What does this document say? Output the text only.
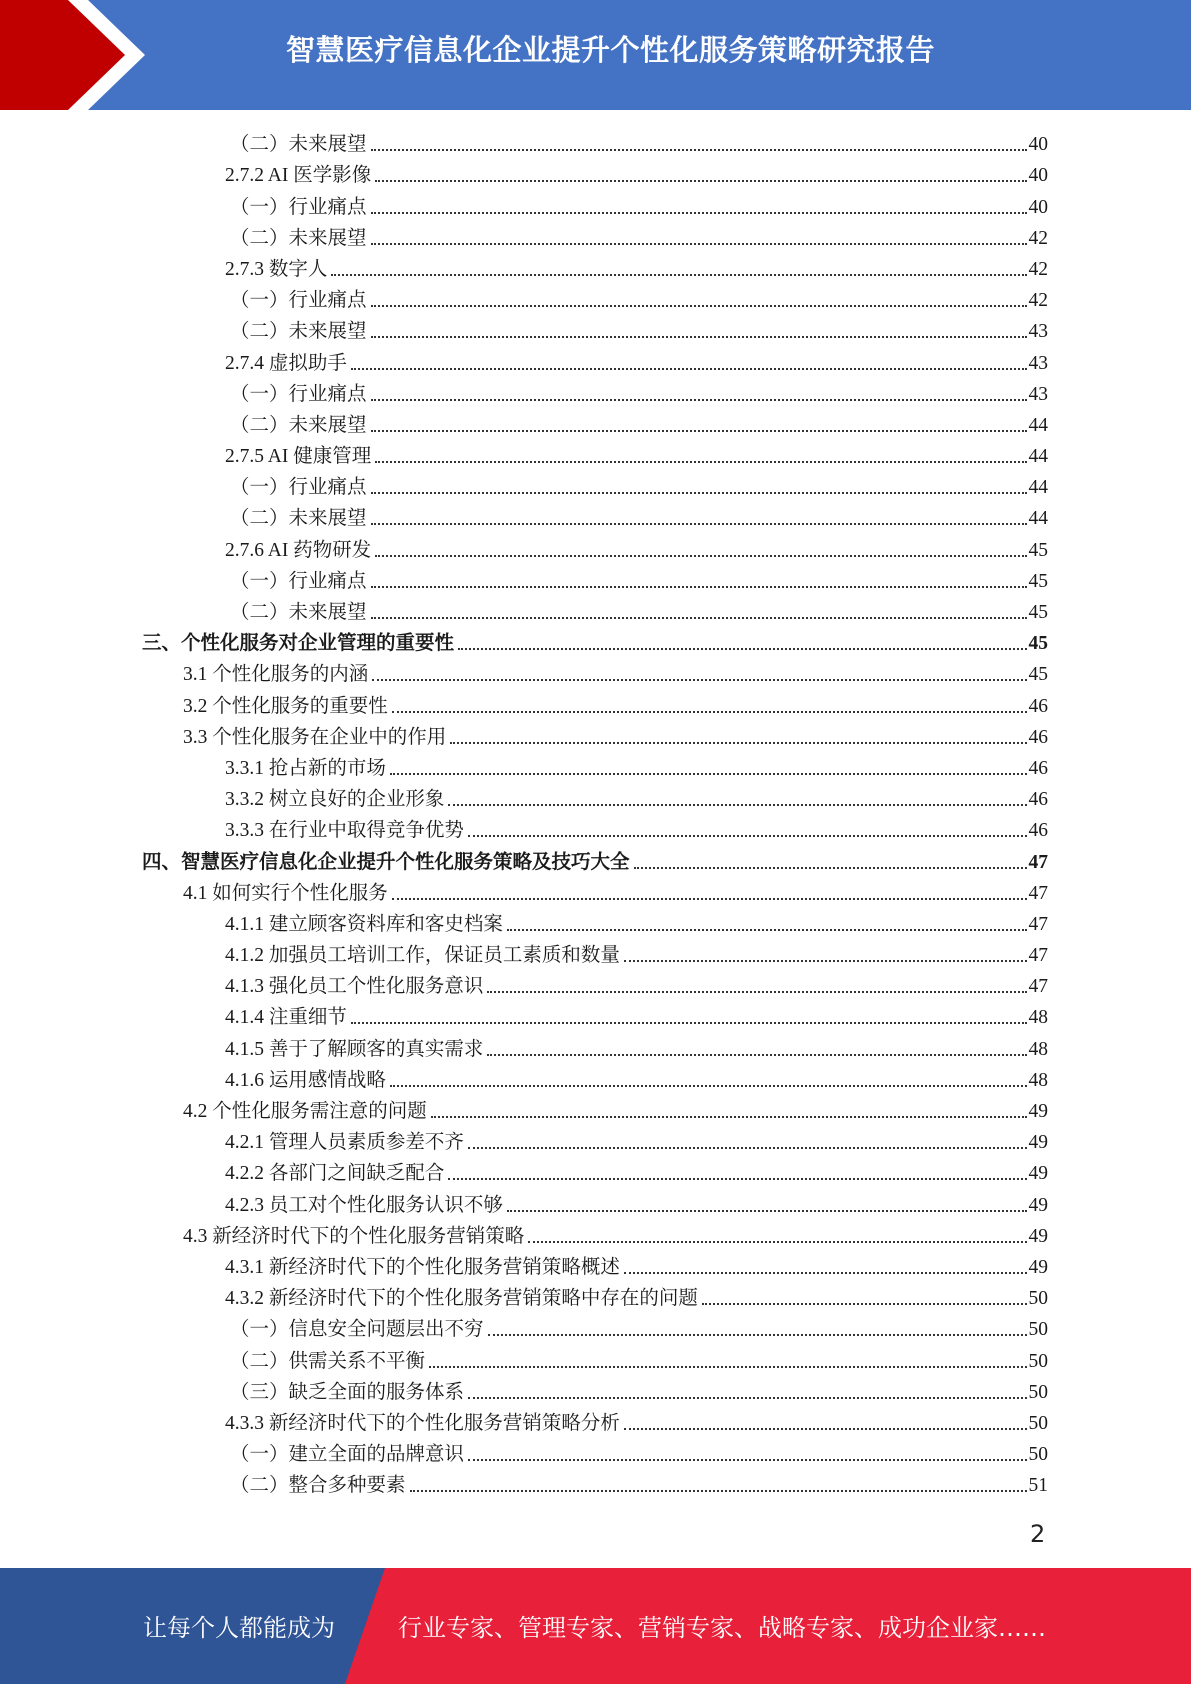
智慧医疗信息化企业提升个性化服务策略研究报告
（二）未来展望	40
2.7.2 AI 医学影像	40
（一）行业痛点	40
（二）未来展望	42
2.7.3 数字人	42
（一）行业痛点	42
（二）未来展望	43
2.7.4 虚拟助手	43
（一）行业痛点	43
（二）未来展望	44
2.7.5 AI 健康管理	44
（一）行业痛点	44
（二）未来展望	44
2.7.6 AI 药物研发	45
（一）行业痛点	45
（二）未来展望	45
三、个性化服务对企业管理的重要性	45
3.1 个性化服务的内涵	45
3.2 个性化服务的重要性	46
3.3 个性化服务在企业中的作用	46
3.3.1 抢占新的市场	46
3.3.2 树立良好的企业形象	46
3.3.3 在行业中取得竞争优势	46
四、智慧医疗信息化企业提升个性化服务策略及技巧大全	47
4.1 如何实行个性化服务	47
4.1.1 建立顾客资料库和客史档案	47
4.1.2 加强员工培训工作，保证员工素质和数量	47
4.1.3 强化员工个性化服务意识	47
4.1.4 注重细节	48
4.1.5 善于了解顾客的真实需求	48
4.1.6 运用感情战略	48
4.2 个性化服务需注意的问题	49
4.2.1 管理人员素质参差不齐	49
4.2.2 各部门之间缺乏配合	49
4.2.3 员工对个性化服务认识不够	49
4.3 新经济时代下的个性化服务营销策略	49
4.3.1 新经济时代下的个性化服务营销策略概述	49
4.3.2 新经济时代下的个性化服务营销策略中存在的问题	50
（一）信息安全问题层出不穷	50
（二）供需关系不平衡	50
（三）缺乏全面的服务体系	50
4.3.3 新经济时代下的个性化服务营销策略分析	50
（一）建立全面的品牌意识	50
（二）整合多种要素	51
2
让每个人都能成为	行业专家、管理专家、营销专家、战略专家、成功企业家……
